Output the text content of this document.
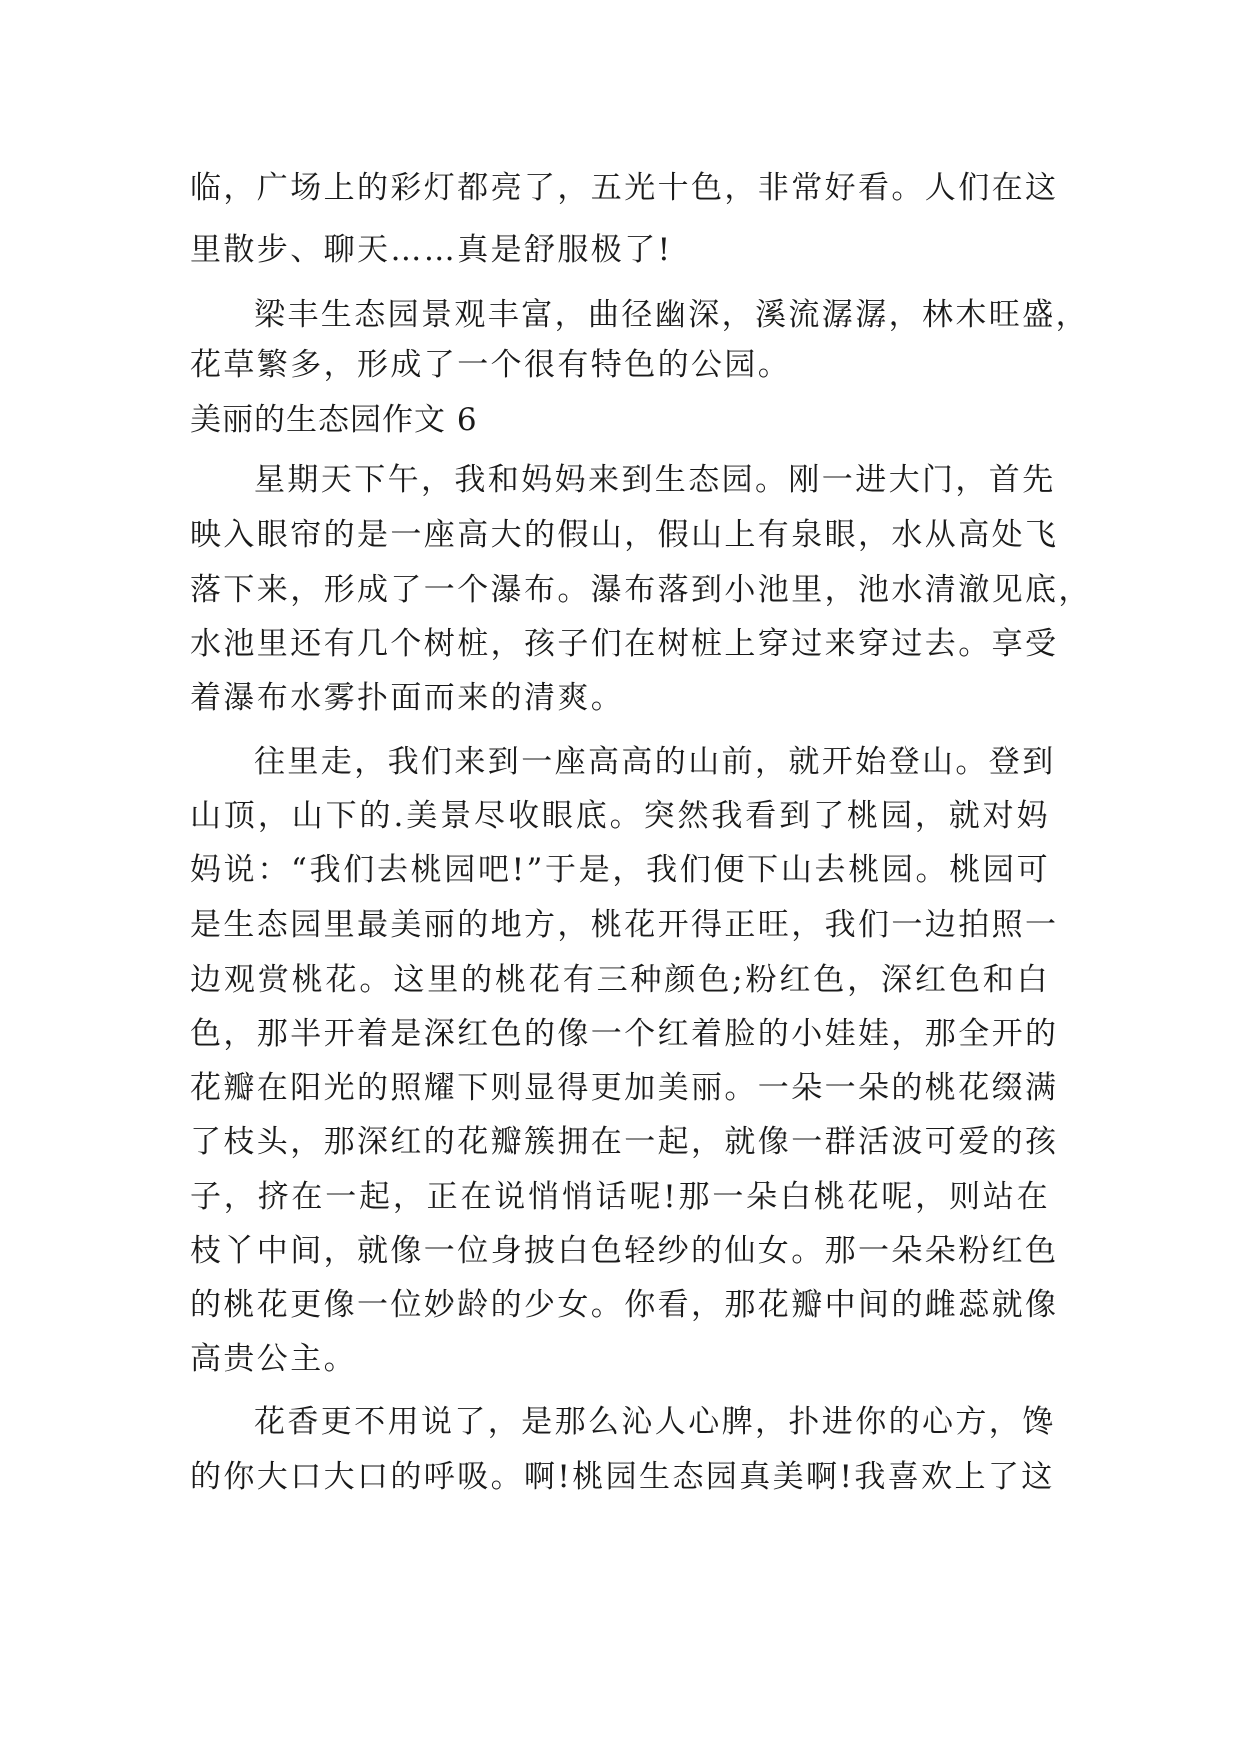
临，广场上的彩灯都亮了，五光十色，非常好看。人们在这
里散步、聊天……真是舒服极了!
梁丰生态园景观丰富，曲径幽深，溪流潺潺，林木旺盛，
花草繁多，形成了一个很有特色的公园。
美丽的生态园作文 6
星期天下午，我和妈妈来到生态园。刚一进大门，首先
映入眼帘的是一座高大的假山，假山上有泉眼，水从高处飞
落下来，形成了一个瀑布。瀑布落到小池里，池水清澈见底，
水池里还有几个树桩，孩子们在树桩上穿过来穿过去。享受
着瀑布水雾扑面而来的清爽。
往里走，我们来到一座高高的山前，就开始登山。登到
山顶，山下的.美景尽收眼底。突然我看到了桃园，就对妈
妈说：“我们去桃园吧!”于是，我们便下山去桃园。桃园可
是生态园里最美丽的地方，桃花开得正旺，我们一边拍照一
边观赏桃花。这里的桃花有三种颜色;粉红色，深红色和白
色，那半开着是深红色的像一个红着脸的小娃娃，那全开的
花瓣在阳光的照耀下则显得更加美丽。一朵一朵的桃花缀满
了枝头，那深红的花瓣簇拥在一起，就像一群活波可爱的孩
子，挤在一起，正在说悄悄话呢!那一朵白桃花呢，则站在
枝丫中间，就像一位身披白色轻纱的仙女。那一朵朵粉红色
的桃花更像一位妙龄的少女。你看，那花瓣中间的雌蕊就像
高贵公主。
花香更不用说了，是那么沁人心脾，扑进你的心方，馋
的你大口大口的呼吸。啊!桃园生态园真美啊!我喜欢上了这
